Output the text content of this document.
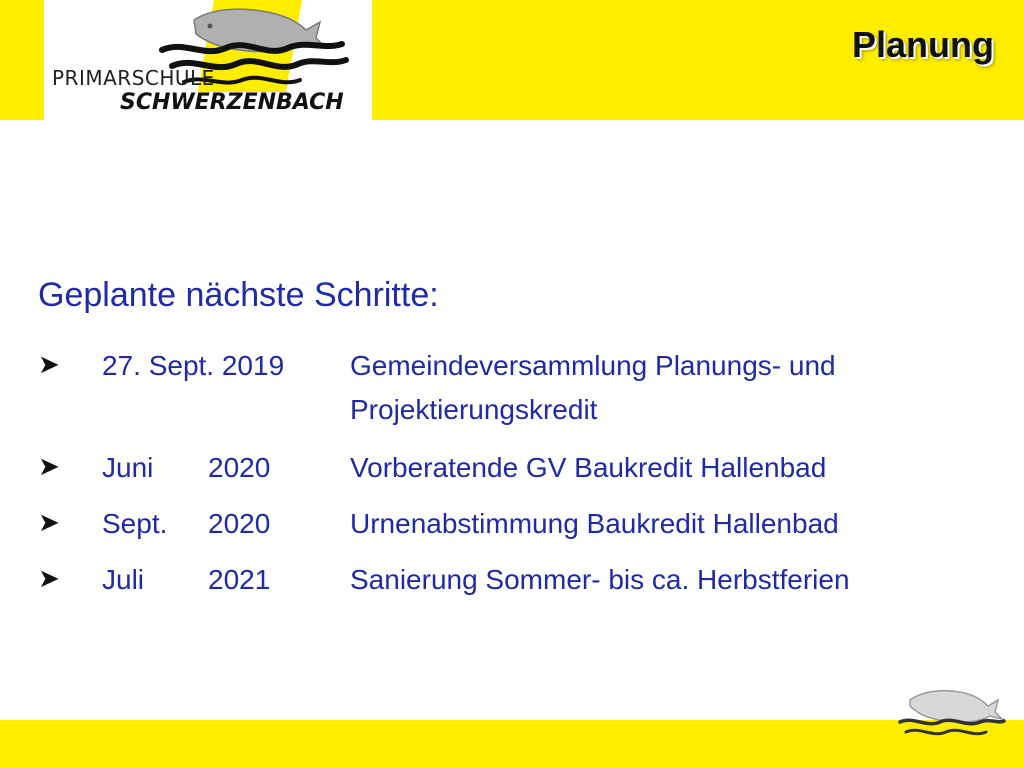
PRIMARSCHULE
SCHWERZENBACH
Planung
Geplante nächste Schritte:
➤ 27. Sept. 2019 Gemeindeversammlung Planungs- und Projektierungskredit
➤ Juni 2020	Vorberatende GV Baukredit Hallenbad
➤ Sept. 2020	Urnenabstimmung Baukredit Hallenbad
➤ Juli 2021	Sanierung Sommer- bis ca. Herbstferien
